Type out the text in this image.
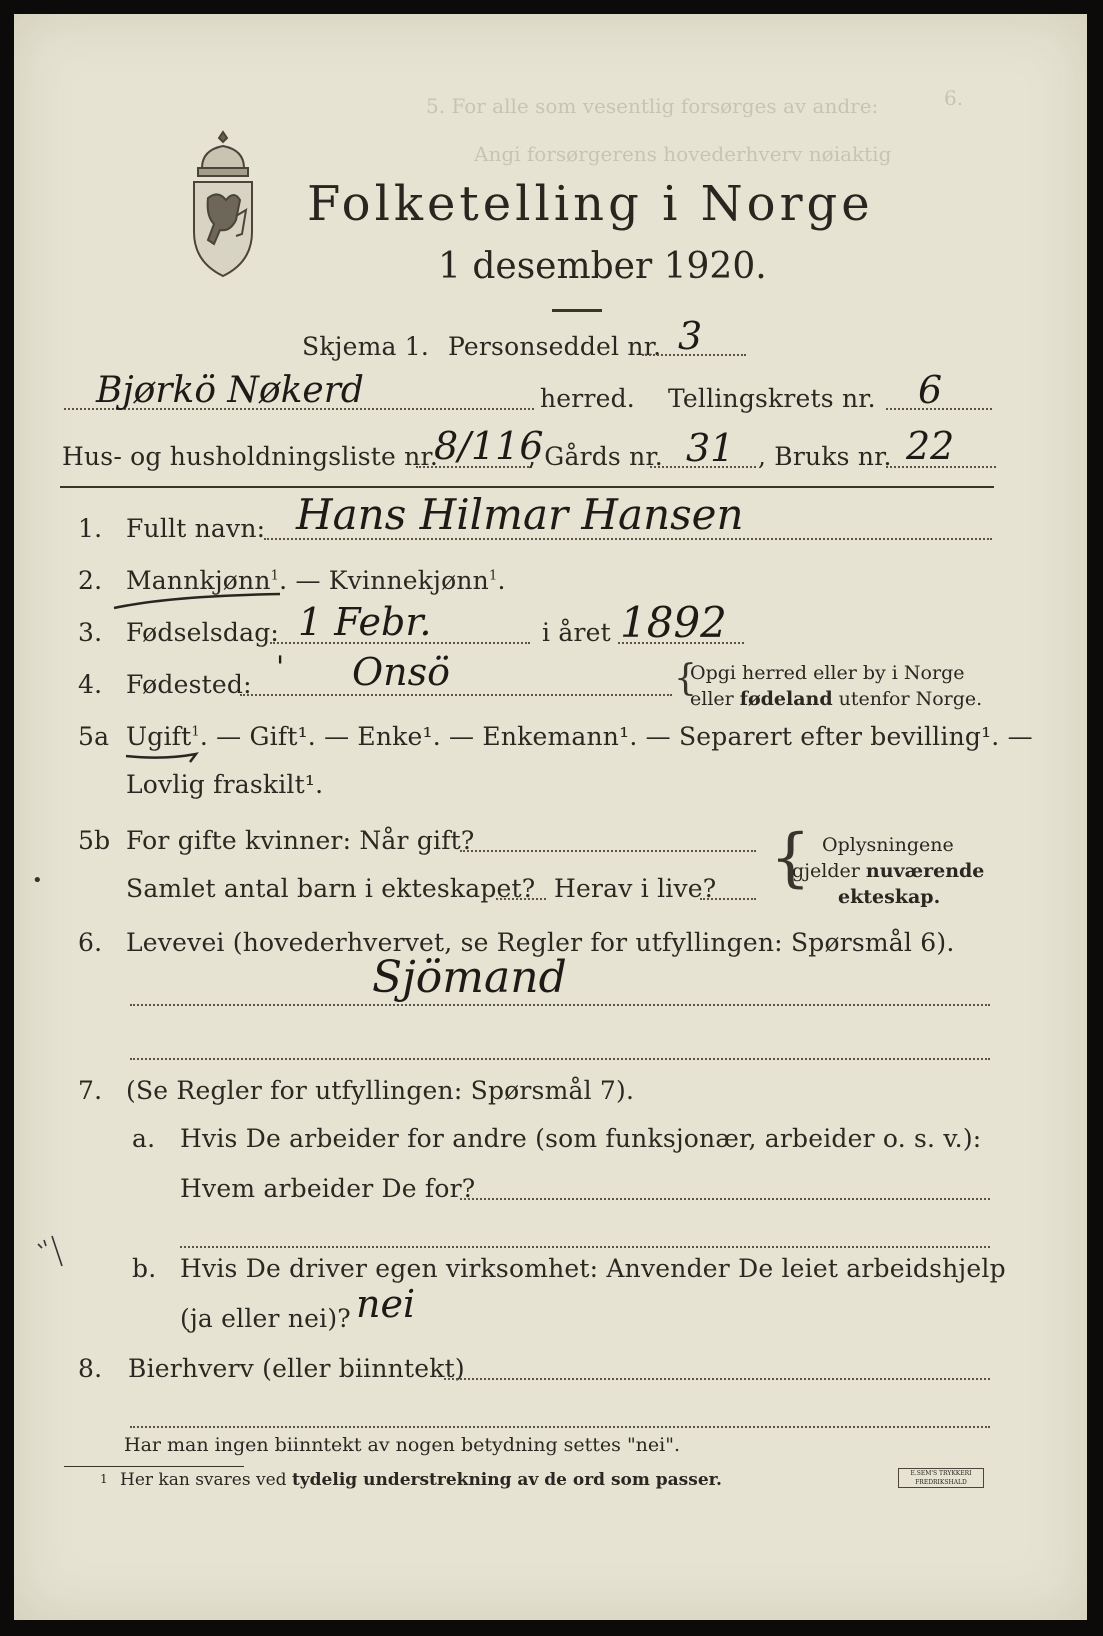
6.
5. For alle som vesentlig forsørges av andre:
Angi forsørgerens hovederhverv nøiaktig
Folketelling i Norge
1 desember 1920.
Skjema 1. Personseddel nr. 3
Bjørkö Nøkerd	herred. Tellingskrets nr. 6
Hus- og husholdningsliste nr.
8/116
, Gårds nr. 31 , Bruks nr. 22
1. Fullt navn: Hans Hilmar Hansen
2. Mannkjønn$^1$. — Kvinnekjønn$^1$.
3. Fødselsdag: 1 Febr.	i året 1892
4. Fødested: ' Onsö	{
Opgi herred eller by i Norge
eller fødeland utenfor Norge.
5a Ugift$^1$. — Gift¹. — Enke¹. — Enkemann¹. — Separert efter bevilling¹. —
Lovlig fraskilt¹.
5b For gifte kvinner: Når gift?
Samlet antal barn i ekteskapet? Herav i live? { Oplysningene
gjelder nuværende
ekteskap.
6. Levevei (hovederhvervet, se Regler for utfyllingen: Spørsmål 6).
Sjömand
7. (Se Regler for utfyllingen: Spørsmål 7).
a. Hvis De arbeider for andre (som funksjonær, arbeider o. s. v.):
Hvem arbeider De for?
b. Hvis De driver egen virksomhet: Anvender De leiet arbeidshjelp
(ja eller nei)? nei
8. Bierhverv (eller biinntekt)
Har man ingen biinntekt av nogen betydning settes "nei".
1 Her kan svares ved tydelig understrekning av de ord som passer.	E.SEM'S TRYKKERI FREDRIKSHALD
•
